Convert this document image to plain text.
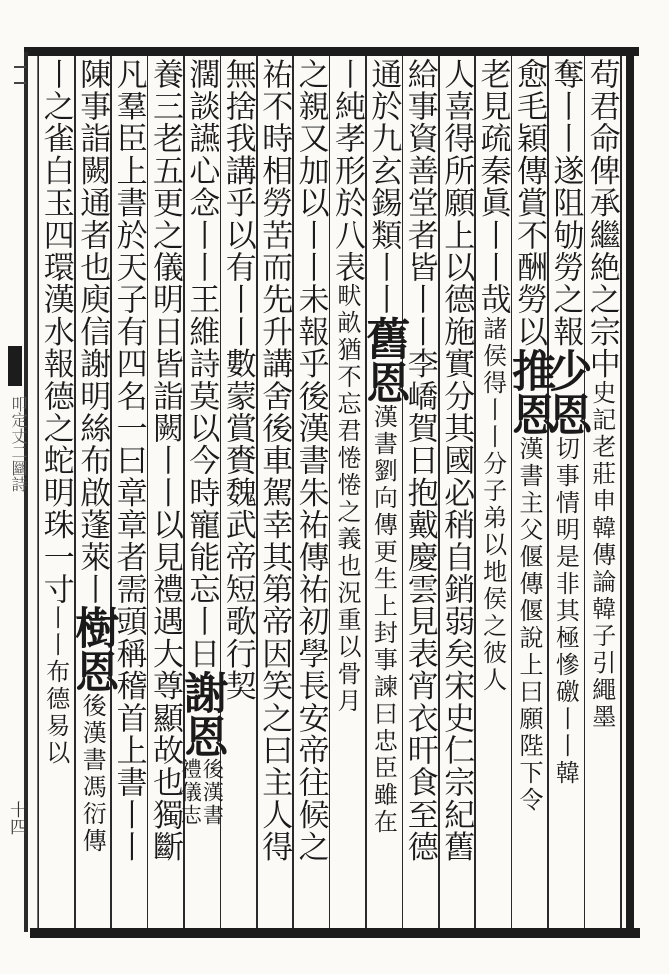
叩定丈二圝詩
十四
苟君命俾承繼絶之宗中
史記老莊申韓傳論韓子引繩墨
奪丨丨遂阻劬勞之報
少恩
切事情明是非其極慘礉丨丨韓
愈毛穎傳賞不酬勞以
推恩
漢書主父偃傳偃說上曰願陛下令
老見疏秦眞丨丨哉
諸侯得丨丨分子弟以地侯之彼人
人喜得所願上以德施實分其國必稍自銷弱矣宋史仁宗紀舊
給事資善堂者皆丨丨李嶠賀日抱戴慶雲見表宵衣旰食至德
通於九玄錫類丨丨
舊恩
漢書劉向傳更生上封事諫曰忠臣雖在
丨純孝形於八表
畎畝猶不忘君惓惓之義也況重以骨月
之親又加以丨丨未報乎後漢書朱祐傳祐初學長安帝往候之
祐不時相勞苦而先升講舍後車駕幸其第帝因笑之曰主人得
無捨我講乎以有丨丨數蒙賞賚魏武帝短歌行契
濶談讌心念丨丨王維詩莫以今時寵能忘丨日
謝恩
後漢書
禮儀志
養三老五更之儀明日皆詣闕丨丨以見禮遇大尊顯故也獨斷
凡羣臣上書於天子有四名一曰章章者需頭稱稽首上書丨丨
陳事詣闕通者也庾信謝明絲布啟蓬萊丨
樹恩
後漢書馮衍傳
丨之雀白玉四環漢水報德之蛇明珠一寸
丨丨布德易以
